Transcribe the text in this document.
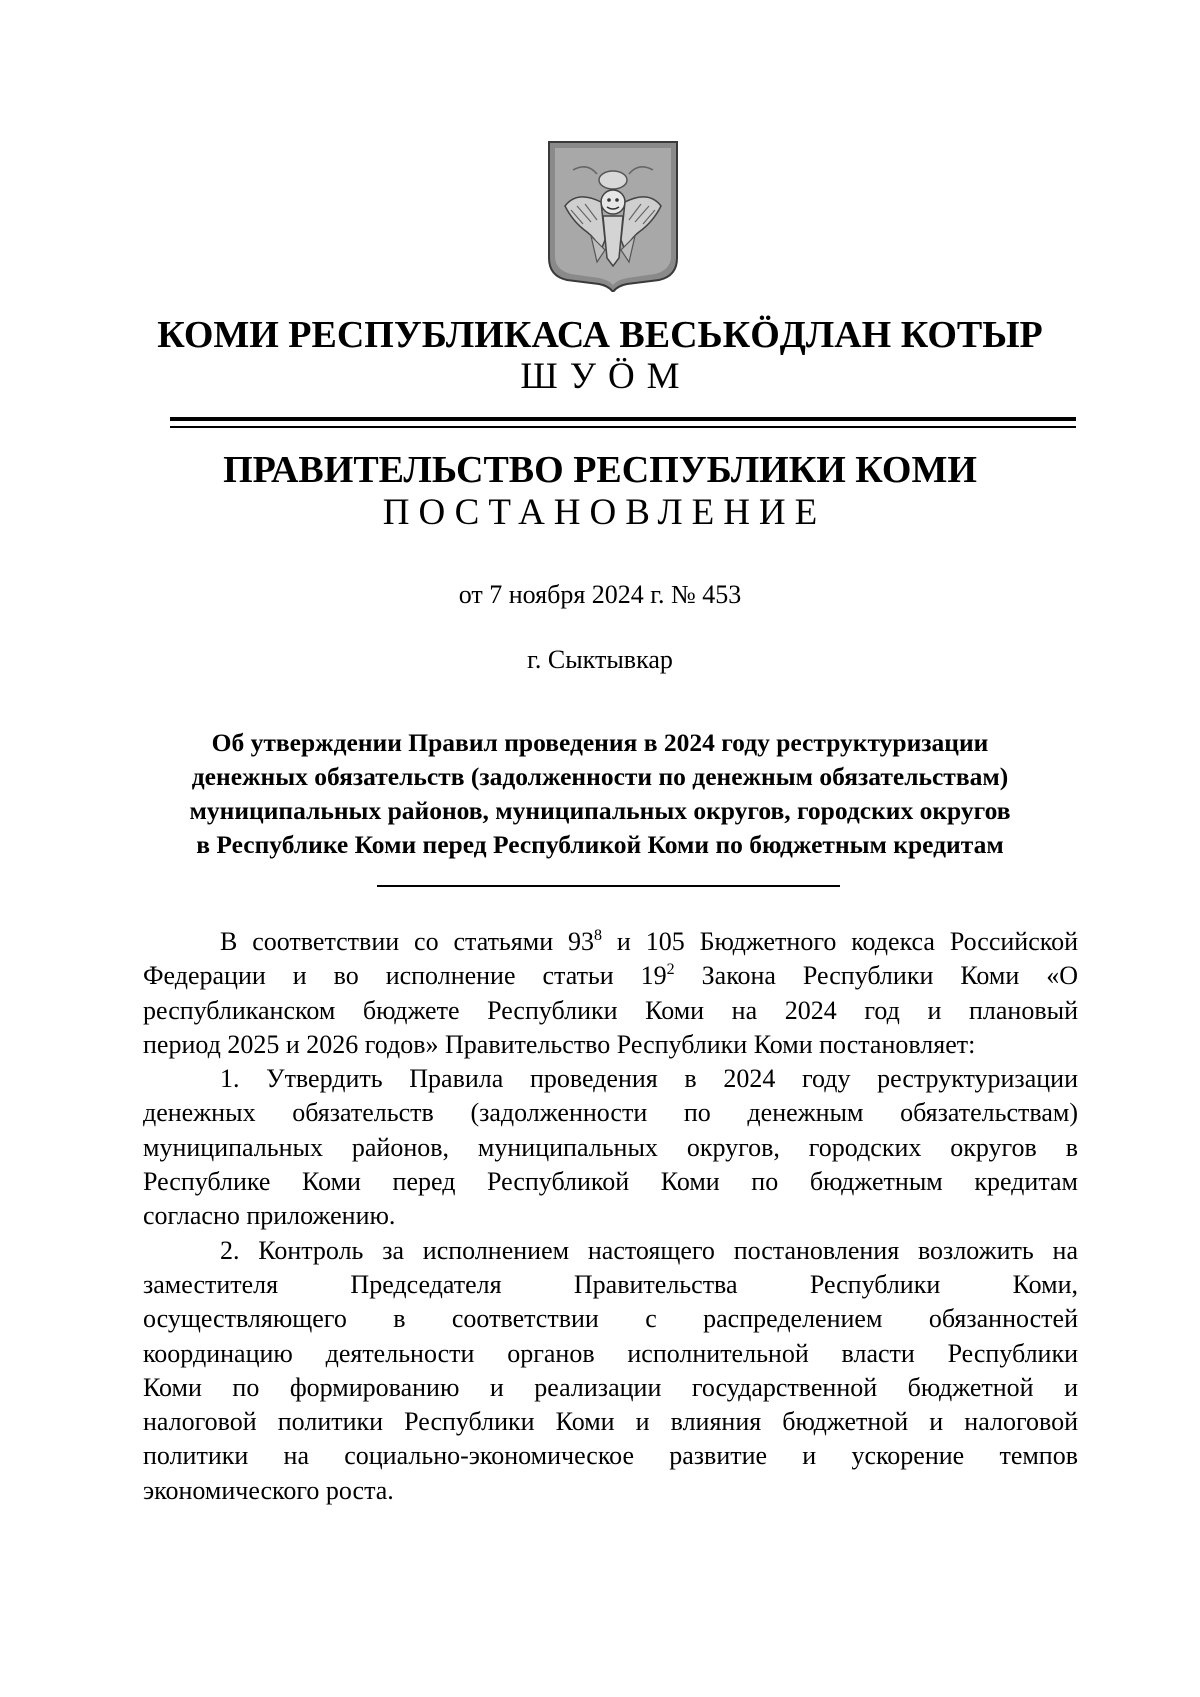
КОМИ РЕСПУБЛИКАСА ВЕСЬКӦДЛАН КОТЫР
ШУӦМ
ПРАВИТЕЛЬСТВО РЕСПУБЛИКИ КОМИ
ПОСТАНОВЛЕНИЕ
от 7 ноября 2024 г. № 453
г. Сыктывкар
Об утверждении Правил проведения в 2024 году реструктуризации
денежных обязательств (задолженности по денежным обязательствам)
муниципальных районов, муниципальных округов, городских округов
в Республике Коми перед Республикой Коми по бюджетным кредитам
В соответствии со статьями $93^8$ и 105 Бюджетного кодекса Российской
Федерации и во исполнение статьи $19^2$ Закона Республики Коми «О
республиканском бюджете Республики Коми на 2024 год и плановый
период 2025 и 2026 годов» Правительство Республики Коми постановляет:
1. Утвердить Правила проведения в 2024 году реструктуризации
денежных обязательств (задолженности по денежным обязательствам)
муниципальных районов, муниципальных округов, городских округов в
Республике Коми перед Республикой Коми по бюджетным кредитам
согласно приложению.
2. Контроль за исполнением настоящего постановления возложить на
заместителя Председателя Правительства Республики Коми,
осуществляющего в соответствии с распределением обязанностей
координацию деятельности органов исполнительной власти Республики
Коми по формированию и реализации государственной бюджетной и
налоговой политики Республики Коми и влияния бюджетной и налоговой
политики на социально-экономическое развитие и ускорение темпов
экономического роста.
